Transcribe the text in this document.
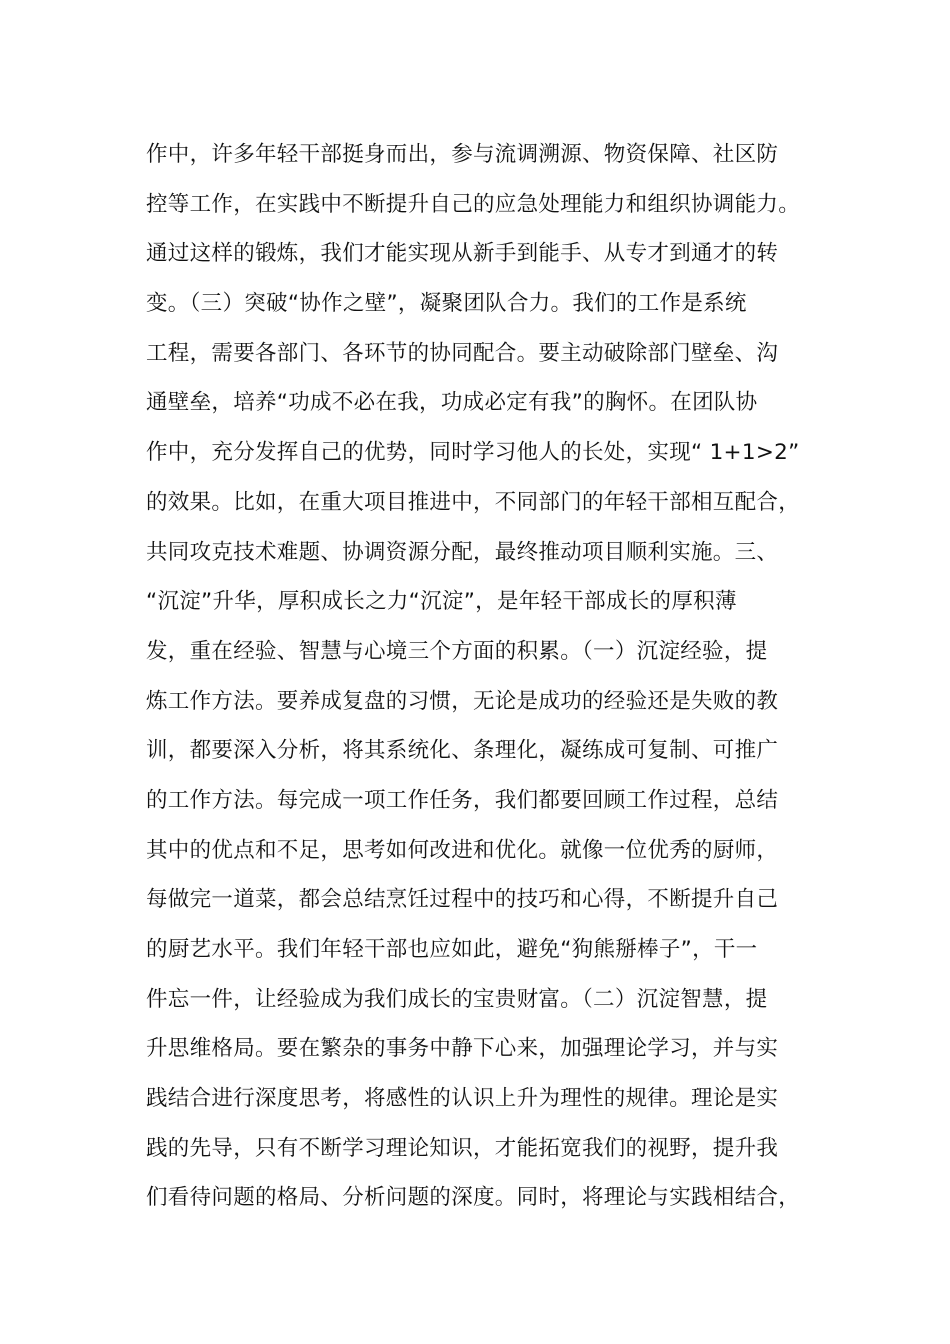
作中，许多年轻干部挺身而出，参与流调溯源、物资保障、社区防
控等工作，在实践中不断提升自己的应急处理能力和组织协调能力。
通过这样的锻炼，我们才能实现从新手到能手、从专才到通才的转
变。（三）突破“协作之壁”，凝聚团队合力。我们的工作是系统
工程，需要各部门、各环节的协同配合。要主动破除部门壁垒、沟
通壁垒，培养“功成不必在我，功成必定有我”的胸怀。在团队协
作中，充分发挥自己的优势，同时学习他人的长处，实现“ 1+1>2”
的效果。比如，在重大项目推进中，不同部门的年轻干部相互配合，
共同攻克技术难题、协调资源分配，最终推动项目顺利实施。三、
“沉淀”升华，厚积成长之力“沉淀”，是年轻干部成长的厚积薄
发，重在经验、智慧与心境三个方面的积累。（一）沉淀经验，提
炼工作方法。要养成复盘的习惯，无论是成功的经验还是失败的教
训，都要深入分析，将其系统化、条理化，凝练成可复制、可推广
的工作方法。每完成一项工作任务，我们都要回顾工作过程，总结
其中的优点和不足，思考如何改进和优化。就像一位优秀的厨师，
每做完一道菜，都会总结烹饪过程中的技巧和心得，不断提升自己
的厨艺水平。我们年轻干部也应如此，避免“狗熊掰棒子”，干一
件忘一件，让经验成为我们成长的宝贵财富。（二）沉淀智慧，提
升思维格局。要在繁杂的事务中静下心来，加强理论学习，并与实
践结合进行深度思考，将感性的认识上升为理性的规律。理论是实
践的先导，只有不断学习理论知识，才能拓宽我们的视野，提升我
们看待问题的格局、分析问题的深度。同时，将理论与实践相结合，
